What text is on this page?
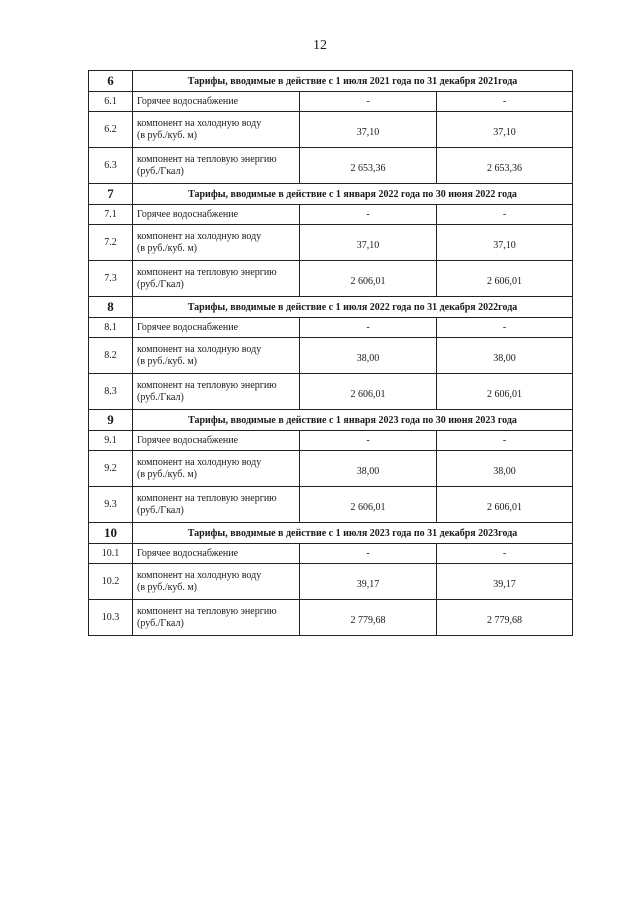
12
6	Тарифы, вводимые в действие с 1 июля 2021 года по 31 декабря 2021года		
6.1	Горячее водоснабжение	-	-
6.2	компонент на холодную воду
(в руб./куб. м)	37,10	37,10
6.3	компонент на тепловую энергию
(руб./Гкал)	2 653,36	2 653,36
7	Тарифы, вводимые в действие с 1 января 2022 года по 30 июня 2022 года		
7.1	Горячее водоснабжение	-	-
7.2	компонент на холодную воду
(в руб./куб. м)	37,10	37,10
7.3	компонент на тепловую энергию
(руб./Гкал)	2 606,01	2 606,01
8	Тарифы, вводимые в действие с 1 июля 2022 года по 31 декабря 2022года		
8.1	Горячее водоснабжение	-	-
8.2	компонент на холодную воду
(в руб./куб. м)	38,00	38,00
8.3	компонент на тепловую энергию
(руб./Гкал)	2 606,01	2 606,01
9	Тарифы, вводимые в действие с 1 января 2023 года по 30 июня 2023 года		
9.1	Горячее водоснабжение	-	-
9.2	компонент на холодную воду
(в руб./куб. м)	38,00	38,00
9.3	компонент на тепловую энергию
(руб./Гкал)	2 606,01	2 606,01
10	Тарифы, вводимые в действие с 1 июля 2023 года по 31 декабря 2023года		
10.1	Горячее водоснабжение	-	-
10.2	компонент на холодную воду
(в руб./куб. м)	39,17	39,17
10.3	компонент на тепловую энергию
(руб./Гкал)	2 779,68	2 779,68
